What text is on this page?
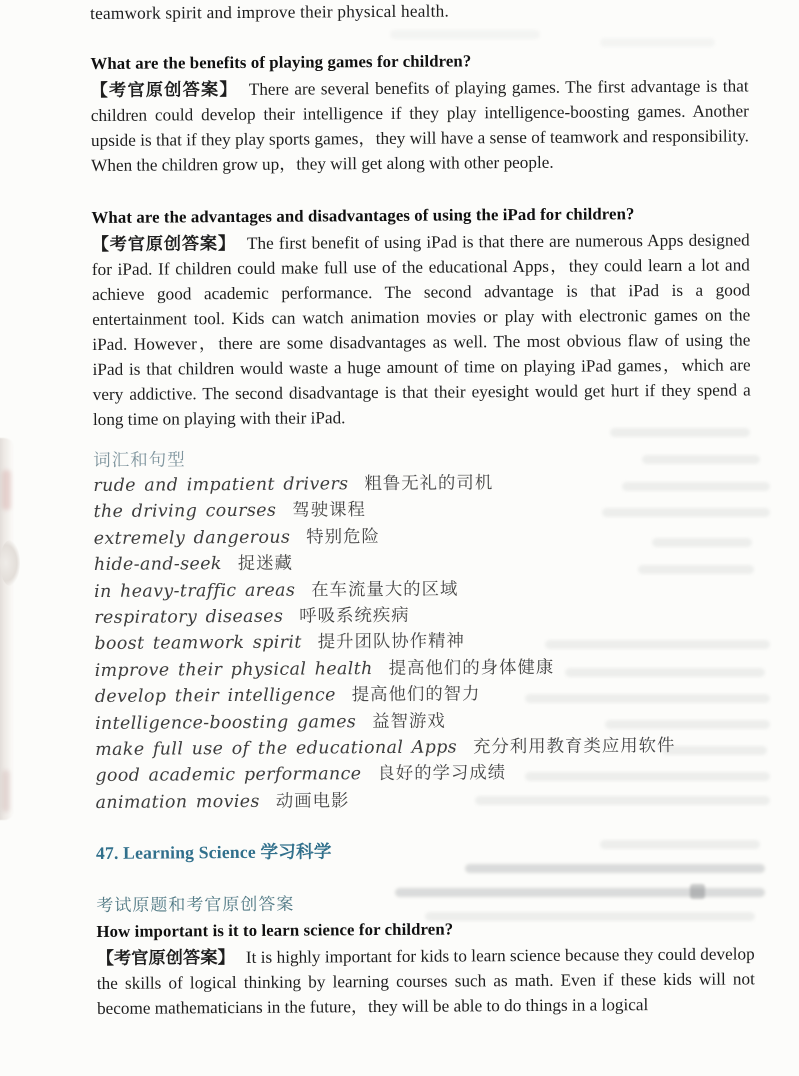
teamwork spirit and improve their physical health.
What are the benefits of playing games for children?

【考官原创答案】 There are several benefits of playing games. The first advantage is that children could develop their intelligence if they play intelligence-boosting games. Another upside is that if they play sports games，they will have a sense of teamwork and responsibility. When the children grow up，they will get along with other people.

What are the advantages and disadvantages of using the iPad for children?

【考官原创答案】 The first benefit of using iPad is that there are numerous Apps designed for iPad. If children could make full use of the educational Apps，they could learn a lot and achieve good academic performance. The second advantage is that iPad is a good entertainment tool. Kids can watch animation movies or play with electronic games on the iPad. However，there are some disadvantages as well. The most obvious flaw of using the iPad is that children would waste a huge amount of time on playing iPad games，which are very addictive. The second disadvantage is that their eyesight would get hurt if they spend a long time on playing with their iPad.

词汇和句型
rude and impatient drivers 粗鲁无礼的司机
the driving courses 驾驶课程
extremely dangerous 特别危险
hide-and-seek 捉迷藏
in heavy-traffic areas 在车流量大的区域
respiratory diseases 呼吸系统疾病
boost teamwork spirit 提升团队协作精神
improve their physical health 提高他们的身体健康
develop their intelligence 提高他们的智力
intelligence-boosting games 益智游戏
make full use of the educational Apps 充分利用教育类应用软件
good academic performance 良好的学习成绩
animation movies 动画电影
47. Learning Science 学习科学
考试原题和考官原创答案
How important is it to learn science for children?

【考官原创答案】 It is highly important for kids to learn science because they could develop the skills of logical thinking by learning courses such as math. Even if these kids will not become mathematicians in the future，they will be able to do things in a logical
